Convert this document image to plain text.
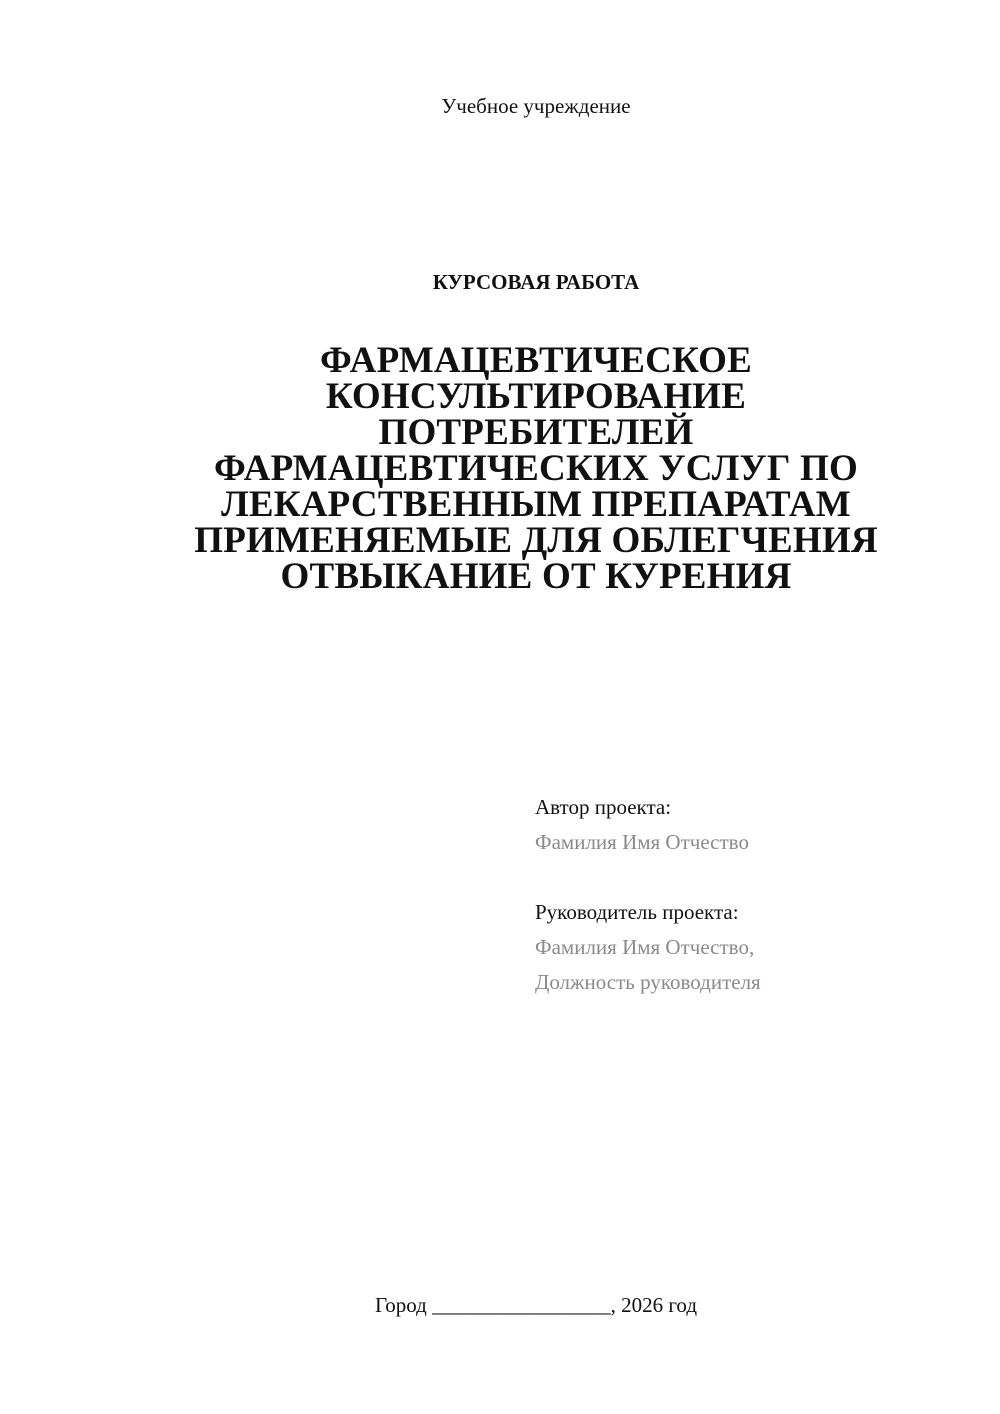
Учебное учреждение
КУРСОВАЯ РАБОТА
ФАРМАЦЕВТИЧЕСКОЕ
КОНСУЛЬТИРОВАНИЕ
ПОТРЕБИТЕЛЕЙ
ФАРМАЦЕВТИЧЕСКИХ УСЛУГ ПО
ЛЕКАРСТВЕННЫМ ПРЕПАРАТАМ
ПРИМЕНЯЕМЫЕ ДЛЯ ОБЛЕГЧЕНИЯ
ОТВЫКАНИЕ ОТ КУРЕНИЯ
Автор проекта:
Фамилия Имя Отчество
Руководитель проекта:
Фамилия Имя Отчество,
Должность руководителя
Город _________________, 2026 год
